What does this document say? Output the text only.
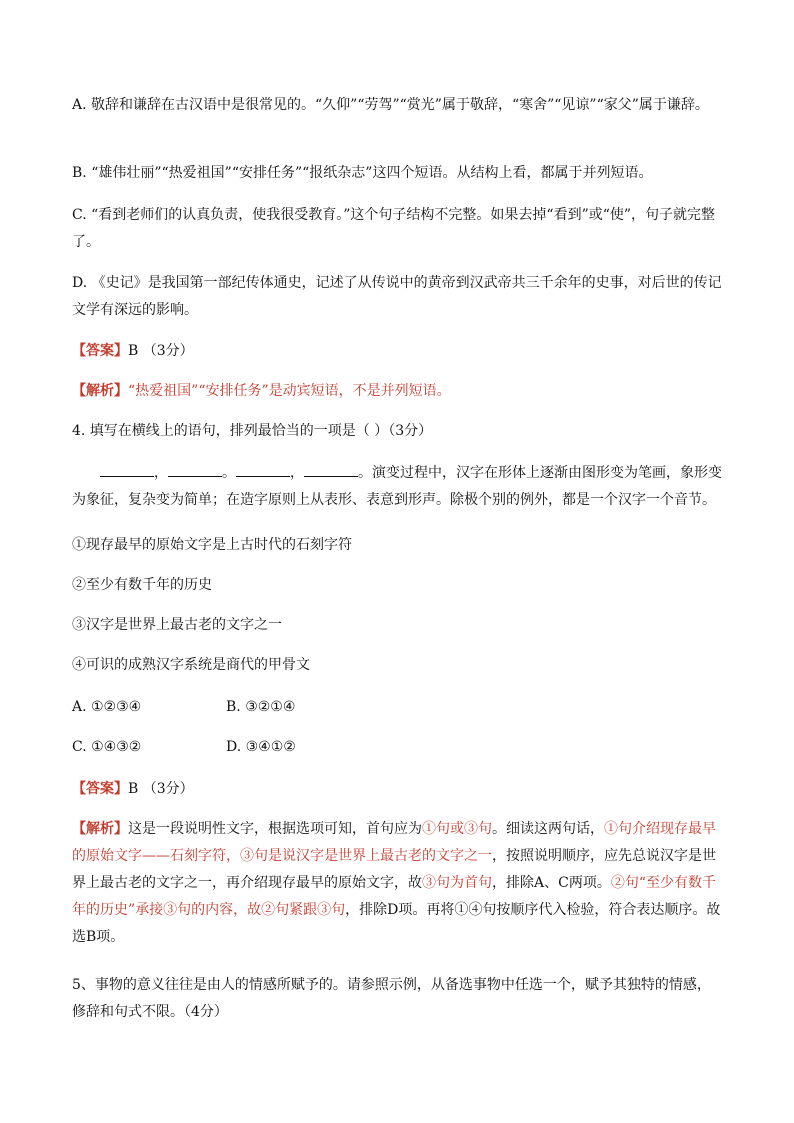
A. 敬辞和谦辞在古汉语中是很常见的。“久仰”“劳驾”“赏光”属于敬辞，“寒舍”“见谅”“家父”属于谦辞。

B. “雄伟壮丽”“热爱祖国”“安排任务”“报纸杂志”这四个短语。从结构上看，都属于并列短语。

C. “看到老师们的认真负责，使我很受教育。”这个句子结构不完整。如果去掉“看到”或“使”，句子就完整了。

D. 《史记》是我国第一部纪传体通史，记述了从传说中的黄帝到汉武帝共三千余年的史事，对后世的传记文学有深远的影响。

【答案】B （3分）

【解析】“热爱祖国”“安排任务”是动宾短语，不是并列短语。

4. 填写在横线上的语句，排列最恰当的一项是（ ）（3分）

，	。	，	。演变过程中，汉字在形体上逐渐由图形变为笔画，象形变为象征，复杂变为简单；在造字原则上从表形、表意到形声。除极个别的例外，都是一个汉字一个音节。

①现存最早的原始文字是上古时代的石刻字符

②至少有数千年的历史

③汉字是世界上最古老的文字之一

④可识的成熟汉字系统是商代的甲骨文

A. ①②③④	B. ③②①④
C. ①④③②	D. ③④①②

【答案】B （3分）

【解析】这是一段说明性文字，根据选项可知，首句应为①句或③句。细读这两句话，①句介绍现存最早的原始文字——石刻字符，③句是说汉字是世界上最古老的文字之一，按照说明顺序，应先总说汉字是世界上最古老的文字之一，再介绍现存最早的原始文字，故③句为首句，排除A、C两项。②句“至少有数千年的历史”承接③句的内容，故②句紧跟③句，排除D项。再将①④句按顺序代入检验，符合表达顺序。故选B项。

5、事物的意义往往是由人的情感所赋予的。请参照示例，从备选事物中任选一个，赋予其独特的情感，修辞和句式不限。（4分）
